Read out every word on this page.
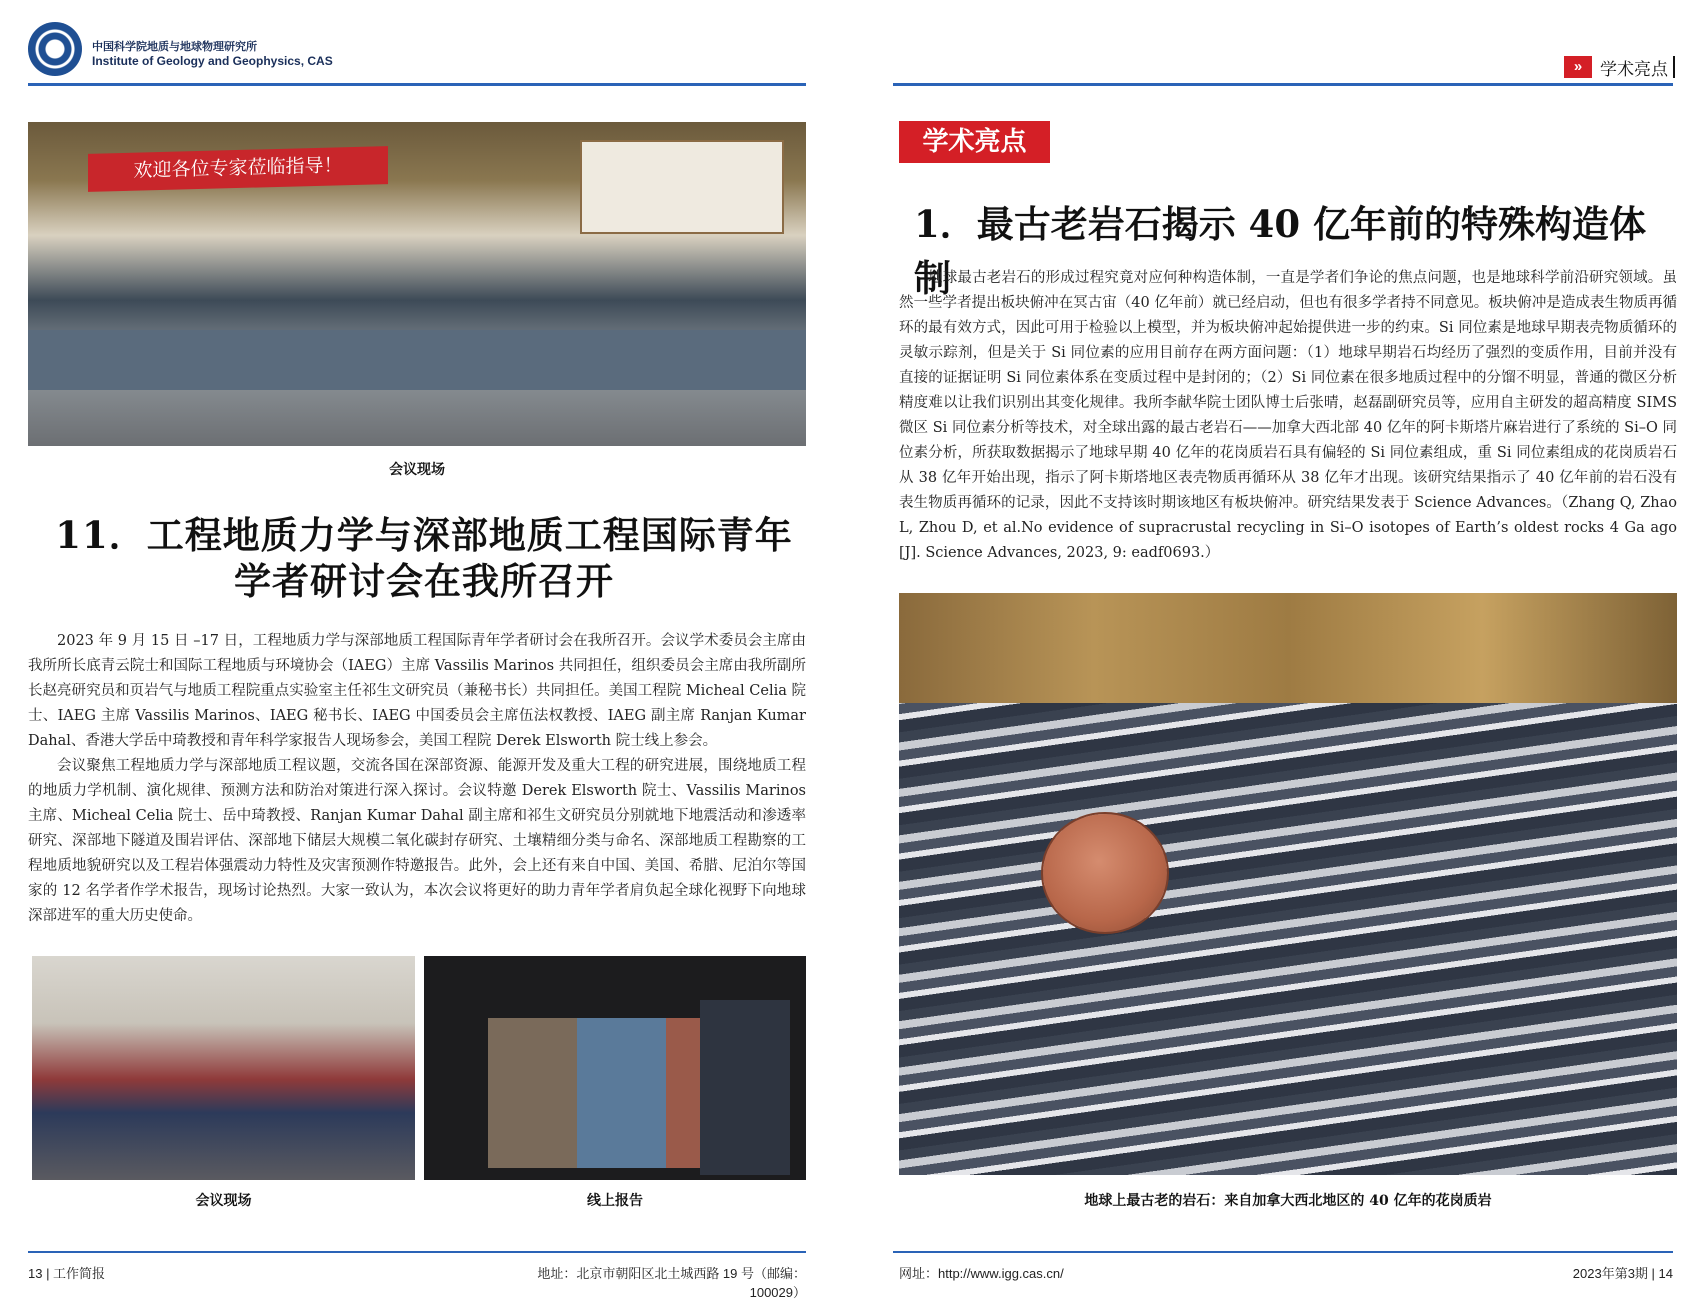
中国科学院地质与地球物理研究所
Institute of Geology and Geophysics, CAS	»	学术亮点
欢迎各位专家莅临指导！
会议现场
11．工程地质力学与深部地质工程国际青年学者研讨会在我所召开

2023 年 9 月 15 日 –17 日，工程地质力学与深部地质工程国际青年学者研讨会在我所召开。会议学术委员会主席由我所所长底青云院士和国际工程地质与环境协会（IAEG）主席 Vassilis Marinos 共同担任，组织委员会主席由我所副所长赵亮研究员和页岩气与地质工程院重点实验室主任祁生文研究员（兼秘书长）共同担任。美国工程院 Micheal Celia 院士、IAEG 主席 Vassilis Marinos、IAEG 秘书长、IAEG 中国委员会主席伍法权教授、IAEG 副主席 Ranjan Kumar Dahal、香港大学岳中琦教授和青年科学家报告人现场参会，美国工程院 Derek Elsworth 院士线上参会。

会议聚焦工程地质力学与深部地质工程议题，交流各国在深部资源、能源开发及重大工程的研究进展，围绕地质工程的地质力学机制、演化规律、预测方法和防治对策进行深入探讨。会议特邀 Derek Elsworth 院士、Vassilis Marinos 主席、Micheal Celia 院士、岳中琦教授、Ranjan Kumar Dahal 副主席和祁生文研究员分别就地下地震活动和渗透率研究、深部地下隧道及围岩评估、深部地下储层大规模二氧化碳封存研究、土壤精细分类与命名、深部地质工程勘察的工程地质地貌研究以及工程岩体强震动力特性及灾害预测作特邀报告。此外，会上还有来自中国、美国、希腊、尼泊尔等国家的 12 名学者作学术报告，现场讨论热烈。大家一致认为，本次会议将更好的助力青年学者肩负起全球化视野下向地球深部进军的重大历史使命。

会议现场	线上报告
学术亮点
1．最古老岩石揭示 40 亿年前的特殊构造体制

地球最古老岩石的形成过程究竟对应何种构造体制，一直是学者们争论的焦点问题，也是地球科学前沿研究领域。虽然一些学者提出板块俯冲在冥古宙（40 亿年前）就已经启动，但也有很多学者持不同意见。板块俯冲是造成表生物质再循环的最有效方式，因此可用于检验以上模型，并为板块俯冲起始提供进一步的约束。Si 同位素是地球早期表壳物质循环的灵敏示踪剂，但是关于 Si 同位素的应用目前存在两方面问题：（1）地球早期岩石均经历了强烈的变质作用，目前并没有直接的证据证明 Si 同位素体系在变质过程中是封闭的；（2）Si 同位素在很多地质过程中的分馏不明显，普通的微区分析精度难以让我们识别出其变化规律。我所李献华院士团队博士后张晴，赵磊副研究员等，应用自主研发的超高精度 SIMS 微区 Si 同位素分析等技术，对全球出露的最古老岩石——加拿大西北部 40 亿年的阿卡斯塔片麻岩进行了系统的 Si–O 同位素分析，所获取数据揭示了地球早期 40 亿年的花岗质岩石具有偏轻的 Si 同位素组成，重 Si 同位素组成的花岗质岩石从 38 亿年开始出现，指示了阿卡斯塔地区表壳物质再循环从 38 亿年才出现。该研究结果指示了 40 亿年前的岩石没有表生物质再循环的记录，因此不支持该时期该地区有板块俯冲。研究结果发表于 Science Advances。（Zhang Q, Zhao L, Zhou D, et al.No evidence of supracrustal recycling in Si–O isotopes of Earth’s oldest rocks 4 Ga ago [J]. Science Advances, 2023, 9: eadf0693.）

地球上最古老的岩石：来自加拿大西北地区的 40 亿年的花岗质岩
13 | 工作简报	地址：北京市朝阳区北土城西路 19 号（邮编：100029）
网址：http://www.igg.cas.cn/	2023年第3期 | 14
